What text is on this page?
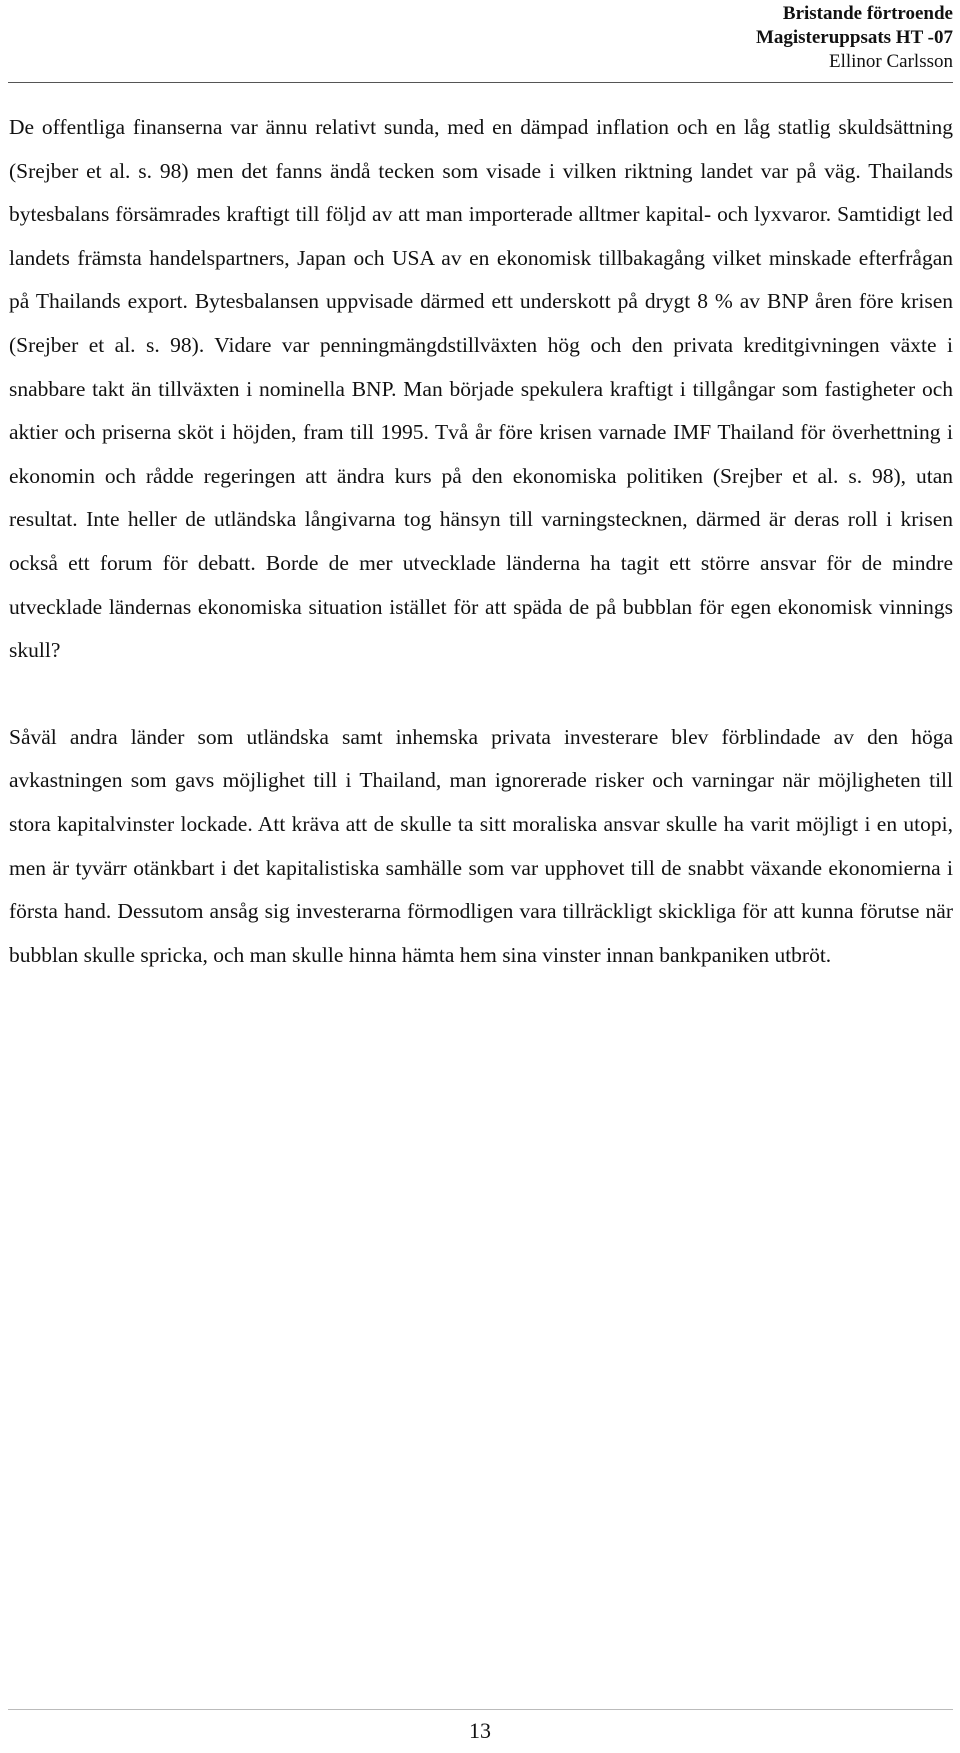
Bristande förtroende
Magisteruppsats HT -07
Ellinor Carlsson

De offentliga finanserna var ännu relativt sunda, med en dämpad inflation och en låg statlig skuldsättning (Srejber et al. s. 98) men det fanns ändå tecken som visade i vilken riktning landet var på väg. Thailands bytesbalans försämrades kraftigt till följd av att man importerade alltmer kapital- och lyxvaror. Samtidigt led landets främsta handelspartners, Japan och USA av en ekonomisk tillbakagång vilket minskade efterfrågan på Thailands export. Bytesbalansen uppvisade därmed ett underskott på drygt 8 % av BNP åren före krisen (Srejber et al. s. 98). Vidare var penningmängdstillväxten hög och den privata kreditgivningen växte i snabbare takt än tillväxten i nominella BNP. Man började spekulera kraftigt i tillgångar som fastigheter och aktier och priserna sköt i höjden, fram till 1995. Två år före krisen varnade IMF Thailand för överhettning i ekonomin och rådde regeringen att ändra kurs på den ekonomiska politiken (Srejber et al. s. 98), utan resultat. Inte heller de utländska långivarna tog hänsyn till varningstecknen, därmed är deras roll i krisen också ett forum för debatt. Borde de mer utvecklade länderna ha tagit ett större ansvar för de mindre utvecklade ländernas ekonomiska situation istället för att späda de på bubblan för egen ekonomisk vinnings skull?

Såväl andra länder som utländska samt inhemska privata investerare blev förblindade av den höga avkastningen som gavs möjlighet till i Thailand, man ignorerade risker och varningar när möjligheten till stora kapitalvinster lockade. Att kräva att de skulle ta sitt moraliska ansvar skulle ha varit möjligt i en utopi, men är tyvärr otänkbart i det kapitalistiska samhälle som var upphovet till de snabbt växande ekonomierna i första hand. Dessutom ansåg sig investerarna förmodligen vara tillräckligt skickliga för att kunna förutse när bubblan skulle spricka, och man skulle hinna hämta hem sina vinster innan bankpaniken utbröt.

13
